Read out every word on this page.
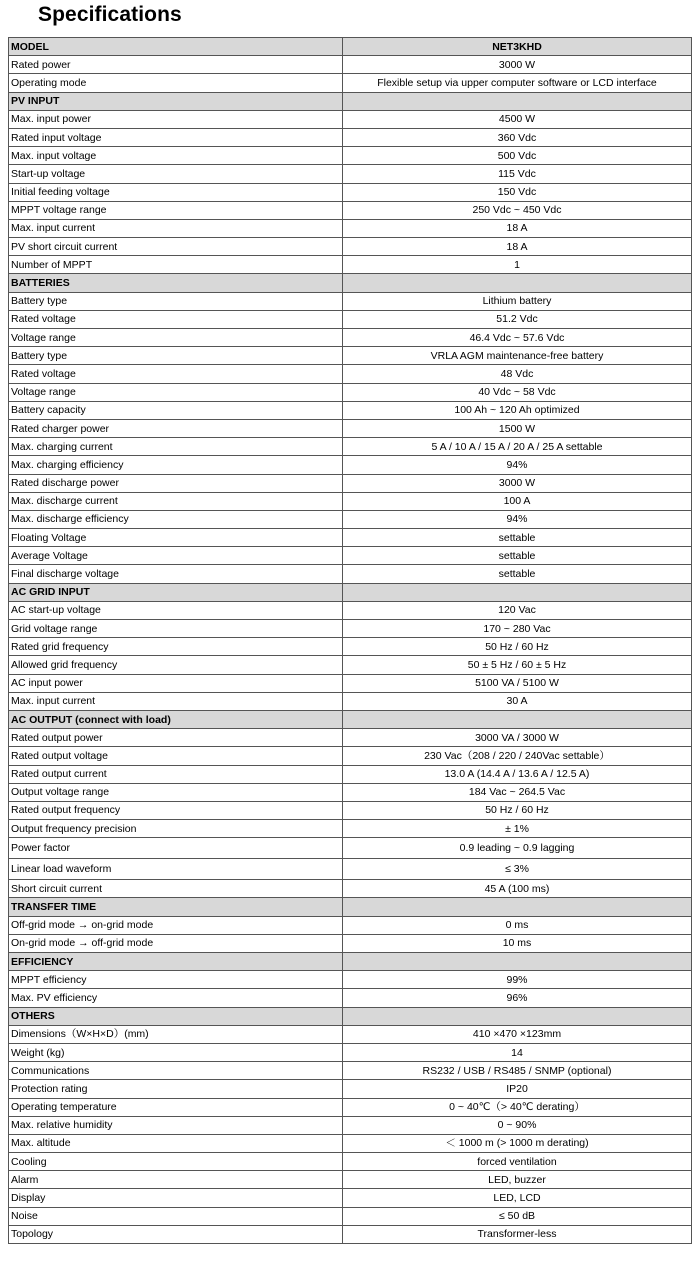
Specifications
MODEL	NET3KHD
Rated power	3000 W
Operating mode	Flexible setup via upper computer software or LCD interface
PV INPUT	
Max. input power	4500 W
Rated input voltage	360 Vdc
Max. input voltage	500 Vdc
Start-up voltage	115 Vdc
Initial feeding voltage	150 Vdc
MPPT voltage range	250 Vdc ~ 450 Vdc
Max. input current	18 A
PV short circuit current	18 A
Number of MPPT	1
BATTERIES	
Battery type	Lithium battery
Rated voltage	51.2 Vdc
Voltage range	46.4 Vdc ~ 57.6 Vdc
Battery type	VRLA AGM maintenance-free battery
Rated voltage	48 Vdc
Voltage range	40 Vdc ~ 58 Vdc
Battery capacity	100 Ah ~ 120 Ah optimized
Rated charger power	1500 W
Max. charging current	5 A / 10 A / 15 A / 20 A / 25 A settable
Max. charging efficiency	94%
Rated discharge power	3000 W
Max. discharge current	100 A
Max. discharge efficiency	94%
Floating Voltage	settable
Average Voltage	settable
Final discharge voltage	settable
AC GRID INPUT	
AC start-up voltage	120 Vac
Grid voltage range	170 ~ 280 Vac
Rated grid frequency	50 Hz / 60 Hz
Allowed grid frequency	50 ± 5 Hz / 60 ± 5 Hz
AC input power	5100 VA / 5100 W
Max. input current	30 A
AC OUTPUT (connect with load)	
Rated output power	3000 VA / 3000 W
Rated output voltage	230 Vac（208 / 220 / 240Vac settable）
Rated output current	13.0 A (14.4 A / 13.6 A / 12.5 A)
Output voltage range	184 Vac ~ 264.5 Vac
Rated output frequency	50 Hz / 60 Hz
Output frequency precision	± 1%
Power factor	0.9 leading ~ 0.9 lagging
Linear load waveform	≤ 3%
Short circuit current	45 A (100 ms)
TRANSFER TIME	
Off-grid mode → on-grid mode	0 ms
On-grid mode → off-grid mode	10 ms
EFFICIENCY	
MPPT efficiency	99%
Max. PV efficiency	96%
OTHERS	
Dimensions（W×H×D）(mm)	410 ×470 ×123mm
Weight (kg)	14
Communications	RS232 / USB / RS485 / SNMP (optional)
Protection rating	IP20
Operating temperature	0 ~ 40℃（> 40℃ derating）
Max. relative humidity	0 ~ 90%
Max. altitude	＜ 1000 m (> 1000 m derating)
Cooling	forced ventilation
Alarm	LED, buzzer
Display	LED, LCD
Noise	≤ 50 dB
Topology	Transformer-less
